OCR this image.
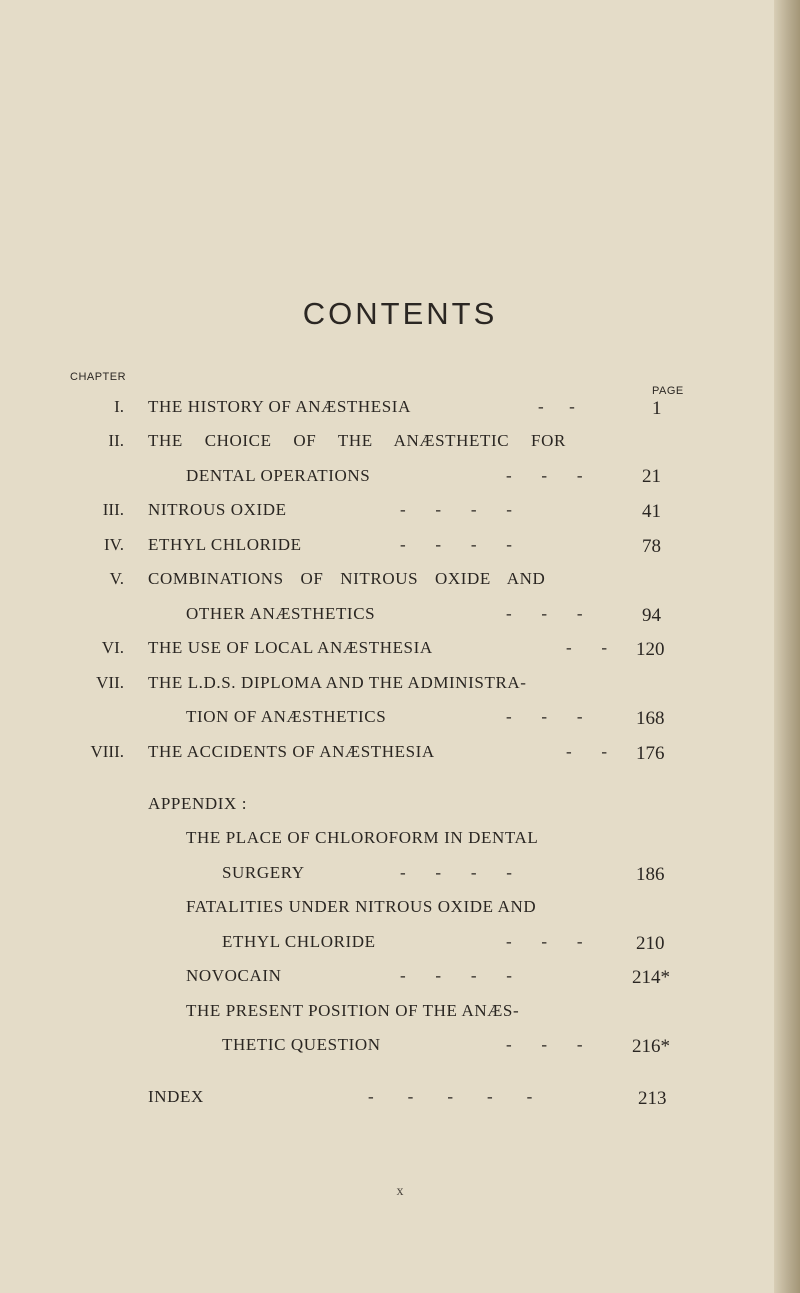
CONTENTS
CHAPTER
PAGE
I. THE HISTORY OF ANÆSTHESIA	-      -	1
II. THE CHOICE OF THE ANÆSTHETIC FOR
DENTAL OPERATIONS	-       -       -	21
III. NITROUS OXIDE	-       -       -       -	41
IV. ETHYL CHLORIDE	-       -       -       -	78
V. COMBINATIONS OF NITROUS OXIDE AND
OTHER ANÆSTHETICS	-       -       -	94
VI. THE USE OF LOCAL ANÆSTHESIA	-       - 120
VII. THE L.D.S. DIPLOMA AND THE ADMINISTRA-
TION OF ANÆSTHETICS	-       -       -	168
VIII. THE ACCIDENTS OF ANÆSTHESIA	-       - 176
APPENDIX :
THE PLACE OF CHLOROFORM IN DENTAL
SURGERY	-       -       -       -	186
FATALITIES UNDER NITROUS OXIDE AND
ETHYL CHLORIDE	-       -       -	210
NOVOCAIN	-       -       -       -	214*
THE PRESENT POSITION OF THE ANÆS-
THETIC QUESTION	-       -       -	216*
INDEX	-        -        -        -        -	213
x
